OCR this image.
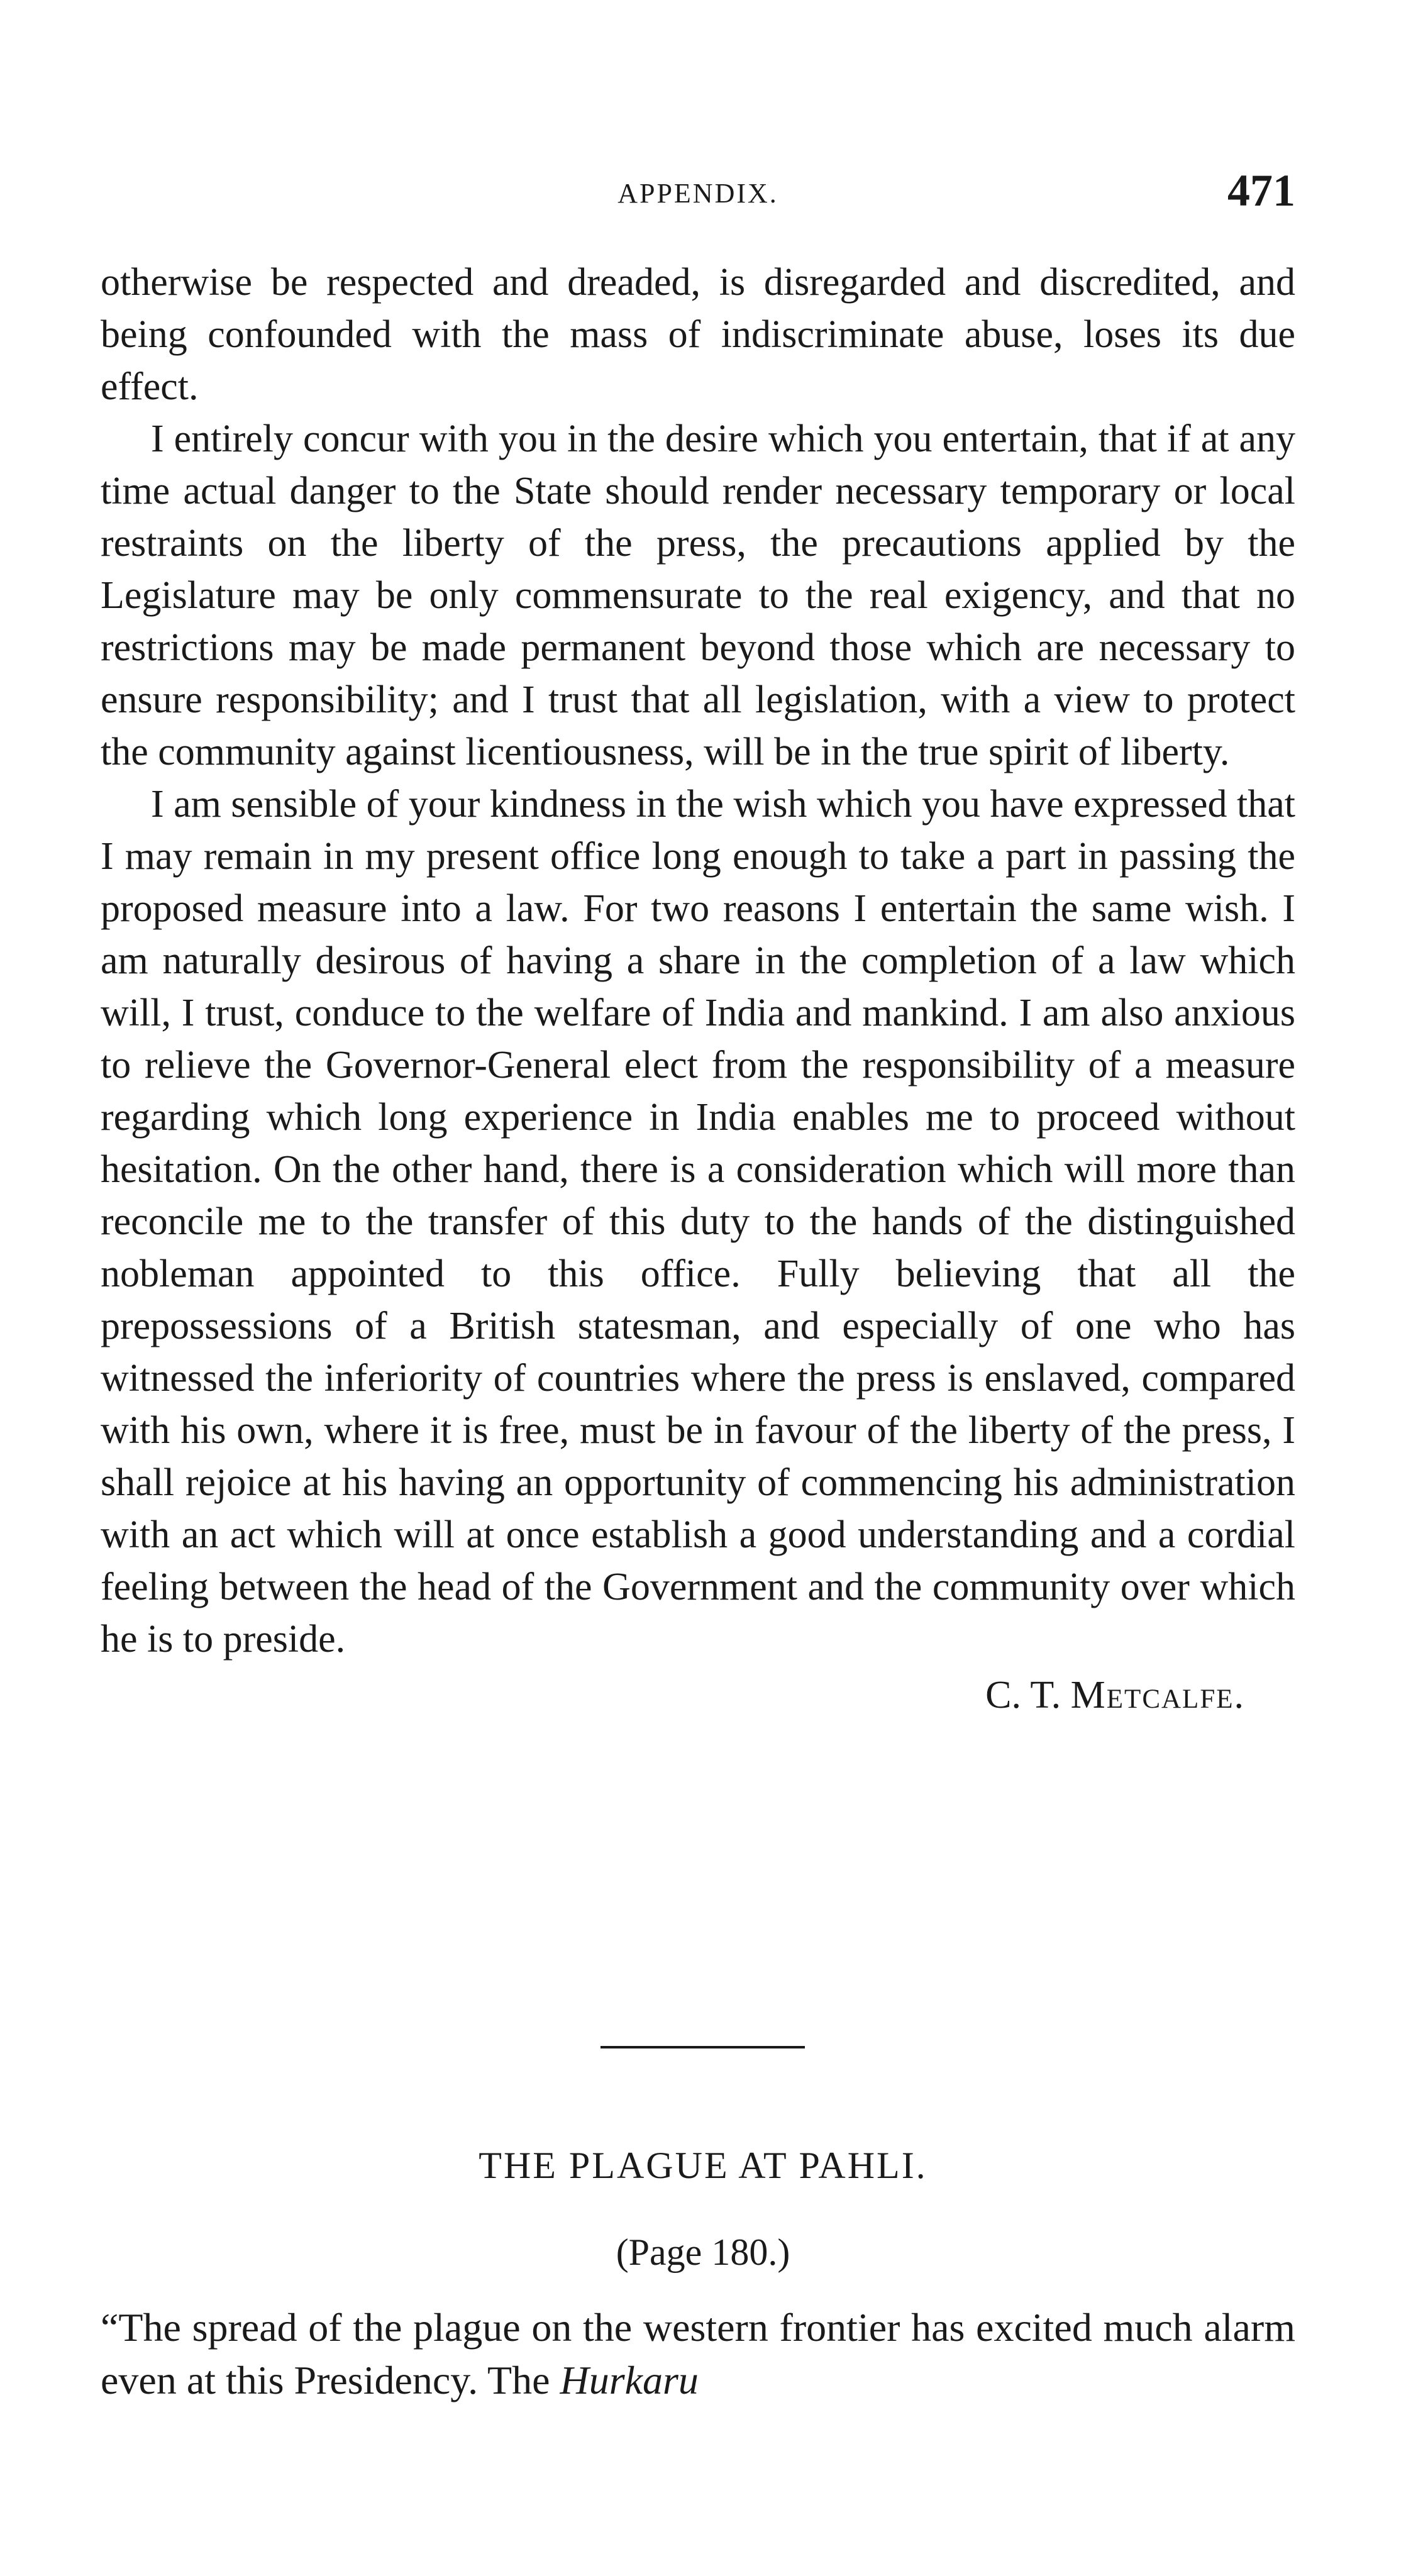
APPENDIX.	471

otherwise be respected and dreaded, is disregarded and discredited, and being confounded with the mass of indiscriminate abuse, loses its due effect.

I entirely concur with you in the desire which you entertain, that if at any time actual danger to the State should render necessary temporary or local restraints on the liberty of the press, the precautions applied by the Legislature may be only commensurate to the real exigency, and that no restrictions may be made permanent beyond those which are necessary to ensure responsibility; and I trust that all legislation, with a view to protect the community against licentiousness, will be in the true spirit of liberty.

I am sensible of your kindness in the wish which you have expressed that I may remain in my present office long enough to take a part in passing the proposed measure into a law. For two reasons I entertain the same wish. I am naturally desirous of having a share in the completion of a law which will, I trust, conduce to the welfare of India and mankind. I am also anxious to relieve the Governor-General elect from the responsibility of a measure regarding which long experience in India enables me to proceed without hesitation. On the other hand, there is a consideration which will more than reconcile me to the transfer of this duty to the hands of the distinguished nobleman appointed to this office. Fully believing that all the prepossessions of a British statesman, and especially of one who has witnessed the inferiority of countries where the press is enslaved, compared with his own, where it is free, must be in favour of the liberty of the press, I shall rejoice at his having an opportunity of commencing his administration with an act which will at once establish a good understanding and a cordial feeling between the head of the Government and the community over which he is to preside.

C. T. Metcalfe.

THE PLAGUE AT PAHLI.
(Page 180.)

“The spread of the plague on the western frontier has excited much alarm even at this Presidency. The Hurkaru
